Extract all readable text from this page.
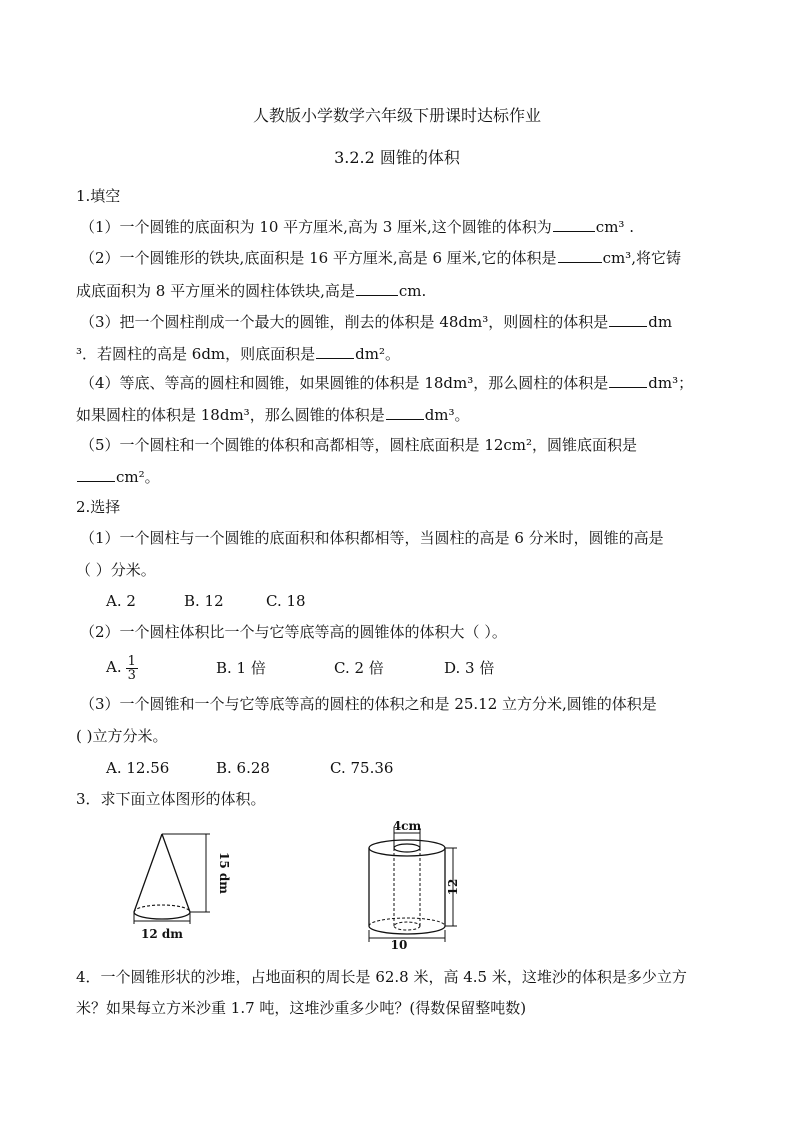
人教版小学数学六年级下册课时达标作业
3.2.2 圆锥的体积
1.填空
（1）一个圆锥的底面积为 10 平方厘米,高为 3 厘米,这个圆锥的体积为	cm³ .
（2）一个圆锥形的铁块,底面积是 16 平方厘米,高是 6 厘米,它的体积是	cm³,将它铸
成底面积为 8 平方厘米的圆柱体铁块,高是	cm.
（3）把一个圆柱削成一个最大的圆锥，削去的体积是 48dm³，则圆柱的体积是	dm
³．若圆柱的高是 6dm，则底面积是	dm²。
（4）等底、等高的圆柱和圆锥，如果圆锥的体积是 18dm³，那么圆柱的体积是	dm³；
如果圆柱的体积是 18dm³，那么圆锥的体积是	dm³。
（5）一个圆柱和一个圆锥的体积和高都相等，圆柱底面积是 12cm²，圆锥底面积是
cm²。
2.选择
（1）一个圆柱与一个圆锥的底面积和体积都相等，当圆柱的高是 6 分米时，圆锥的高是
（ ）分米。
A. 2	B. 12	C. 18
（2）一个圆柱体积比一个与它等底等高的圆锥体的体积大（ ）。
A. $\frac{1}{3}$	B. 1 倍	C. 2 倍	D. 3 倍
（3）一个圆锥和一个与它等底等高的圆柱的体积之和是 25.12 立方分米,圆锥的体积是
( )立方分米。
A. 12.56	B. 6.28	C. 75.36
3．求下面立体图形的体积。
12 dm
15 dm
4cm
12
10
4．一个圆锥形状的沙堆，占地面积的周长是 62.8 米，高 4.5 米，这堆沙的体积是多少立方
米？如果每立方米沙重 1.7 吨，这堆沙重多少吨？(得数保留整吨数)
